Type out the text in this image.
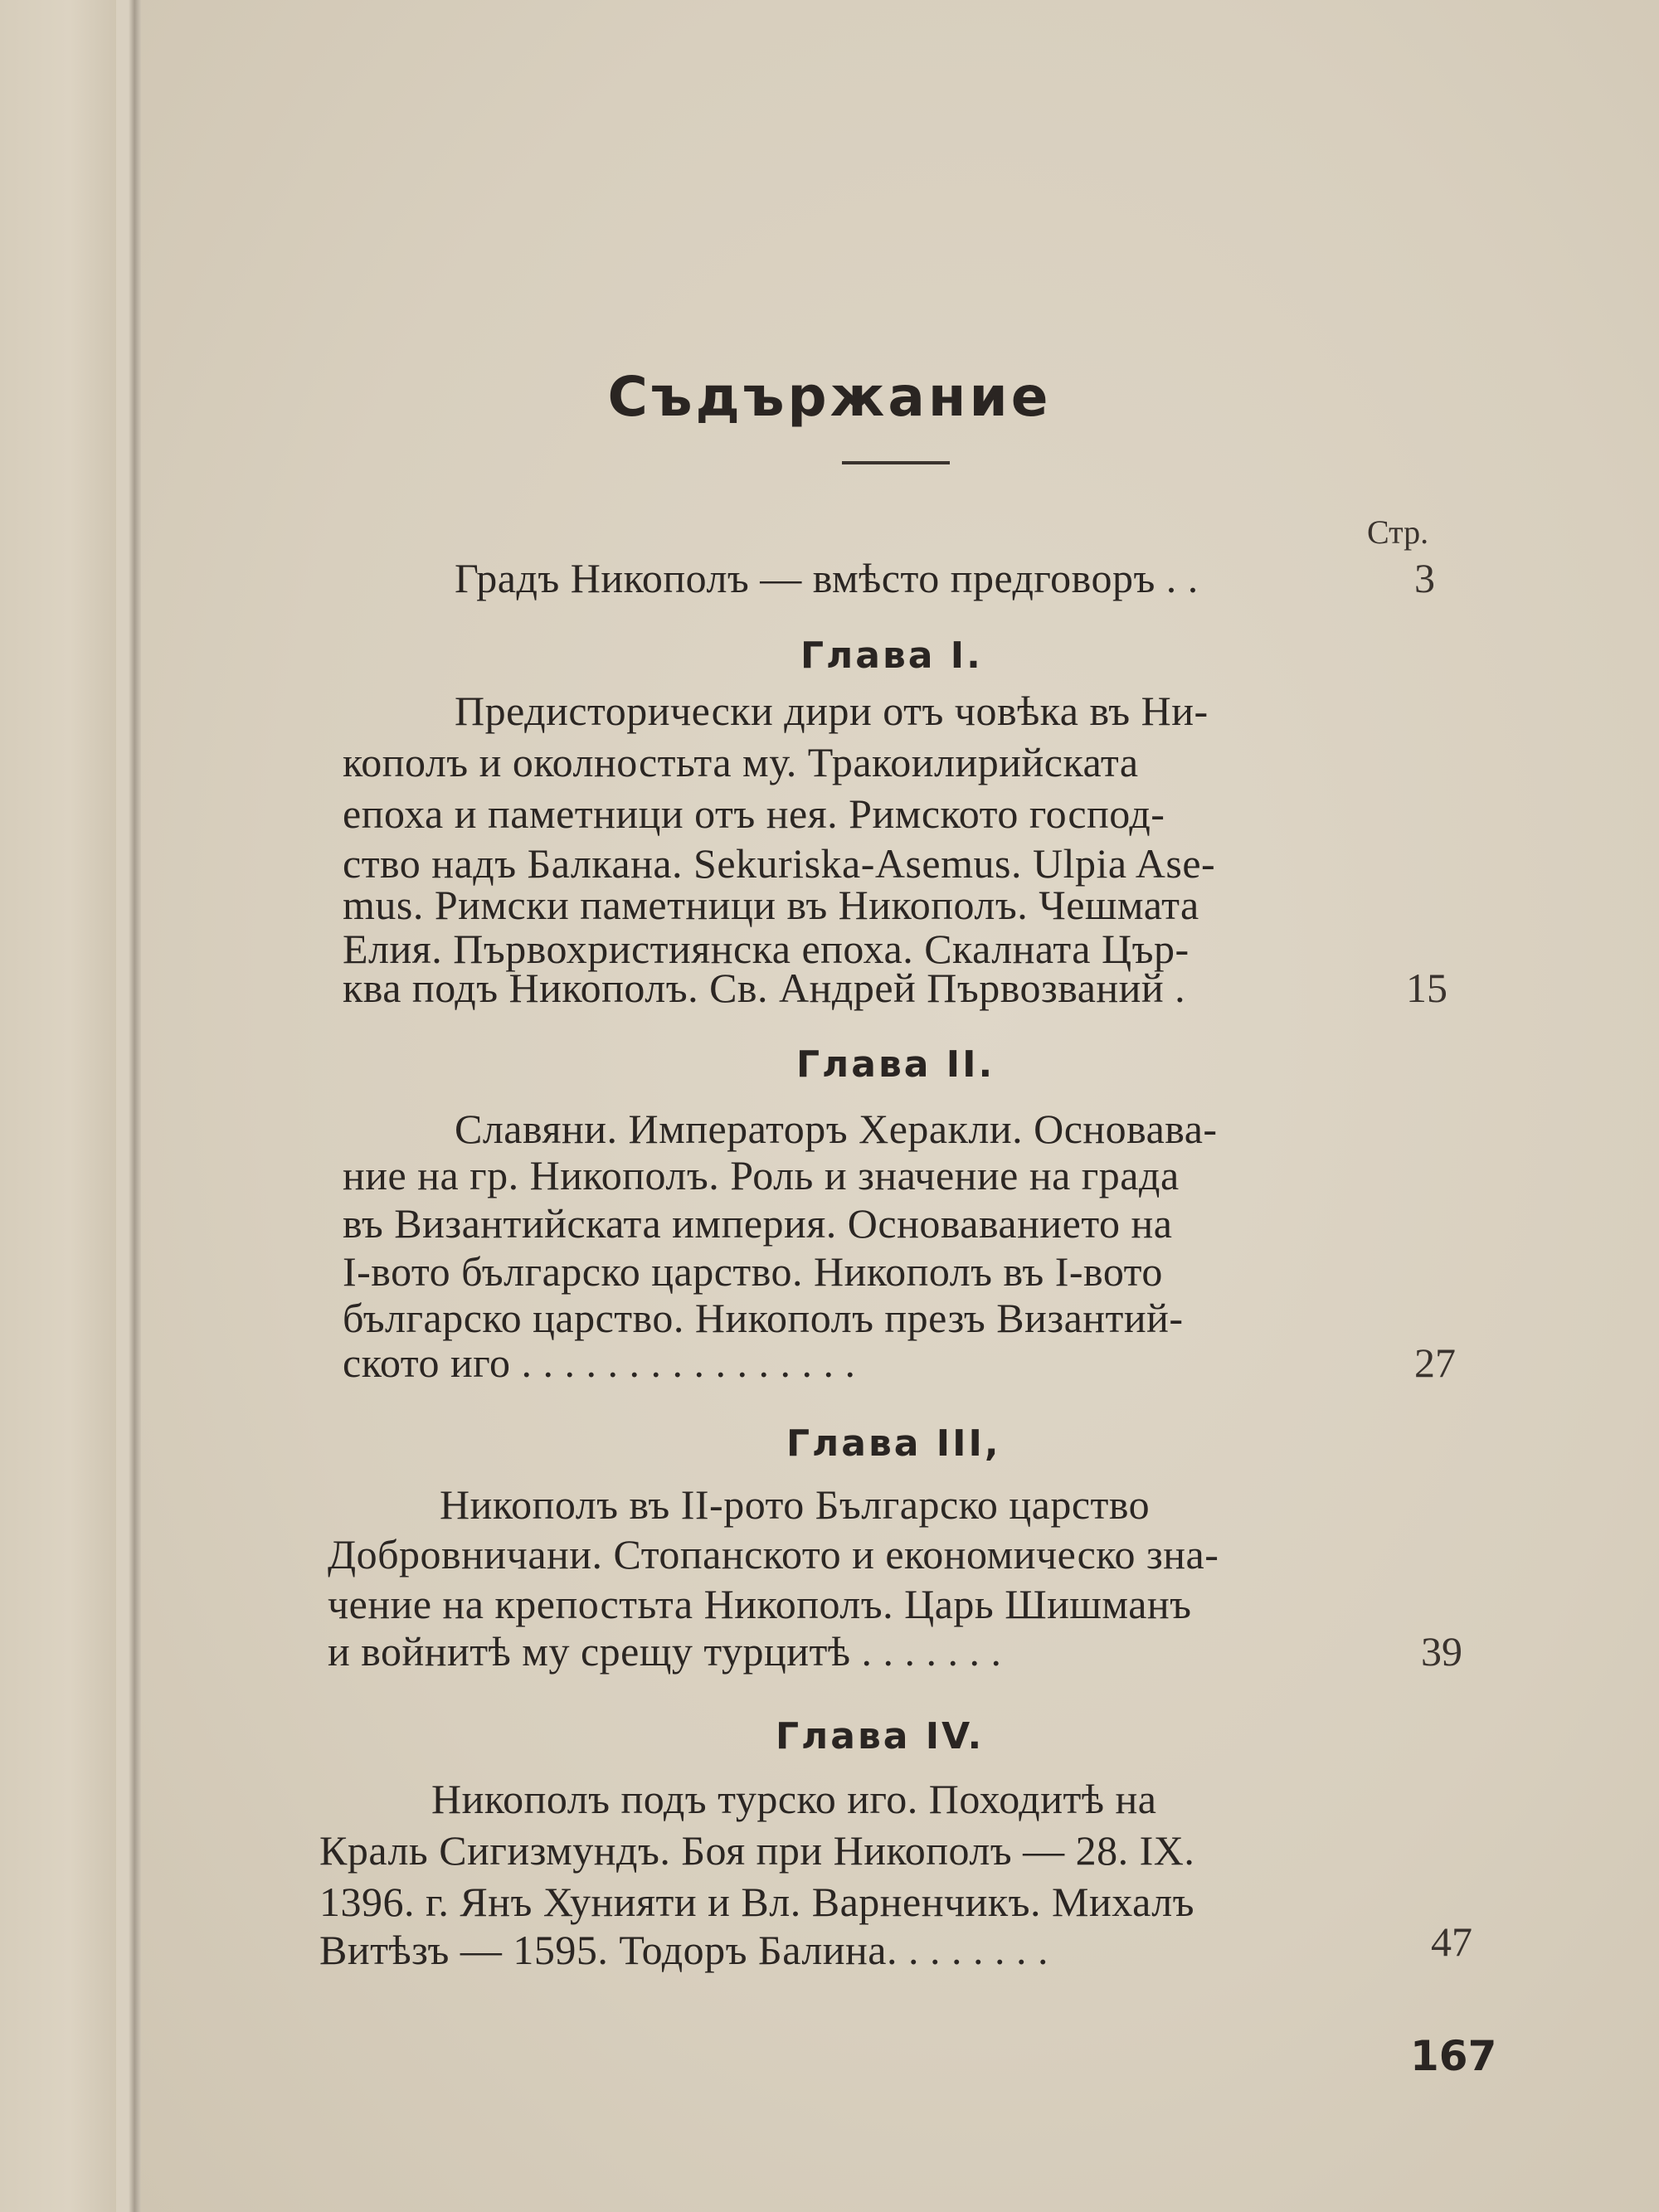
Съдържание
Стр.
Градъ Никополъ — вмѣсто предговоръ . .	3
Глава I.
Предисторически дири отъ човѣка въ Ни-
кополъ и околностьта му. Тракоилирийската
епоха и паметници отъ нея. Римското господ-
ство надъ Балкана. Sekuriska-Asemus. Ulpia Ase-
mus. Римски паметници въ Никополъ. Чешмата
Елия. Първохристиянска епоха. Скалната Цър-
ква подъ Никополъ. Св. Андрей Първозваний .	15
Глава II.
Славяни. Императоръ Херакли. Основава-
ние на гр. Никополъ. Роль и значение на града
въ Византийската империя. Основаванието на
I-вото българско царство. Никополъ въ I-вото
българско царство. Никополъ презъ Византий-
ското иго . . . . . . . . . . . . . . . .	27
Глава III,
Никополъ въ II-рото Българско царство
Добровничани. Стопанското и економическо зна-
чение на крепостьта Никополъ. Царь Шишманъ
и войнитѣ му срещу турцитѣ . . . . . . .	39
Глава IV.
Никополъ подъ турско иго. Походитѣ на
Краль Сигизмундъ. Боя при Никополъ — 28. IX.
1396. г. Янъ Хунияти и Вл. Варненчикъ. Михалъ
Витѣзъ — 1595. Тодоръ Балина. . . . . . . .	47
167
